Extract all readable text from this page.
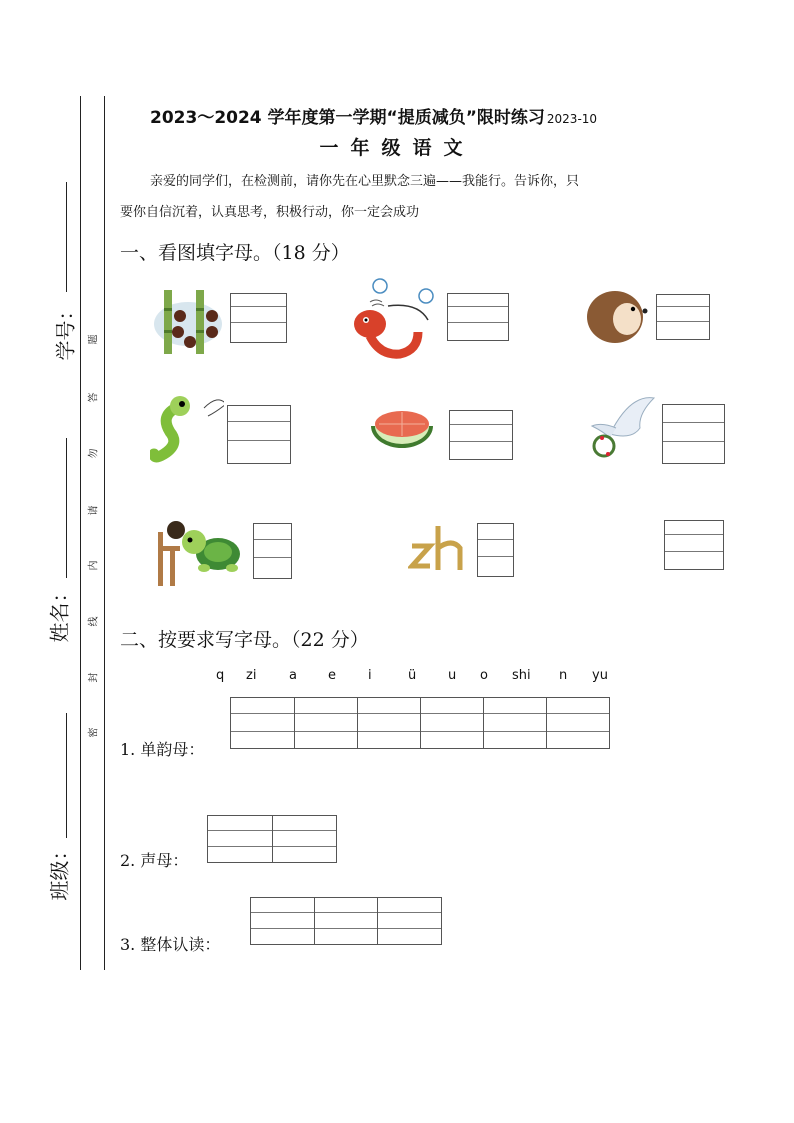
学号：
姓名：
班级：
题
答
勿
请
内
线
封
密
2023～2024 学年度第一学期“提质减负”限时练习 2023-10
一年级语文
亲爱的同学们，在检测前，请你先在心里默念三遍——我能行。告诉你，只
要你自信沉着，认真思考，积极行动，你一定会成功
一、看图填字母。（18 分）
二、按要求写字母。（22 分）
q zi	a e i	ü u o shi n yu
1. 单韵母：
2. 声母：
3. 整体认读：
